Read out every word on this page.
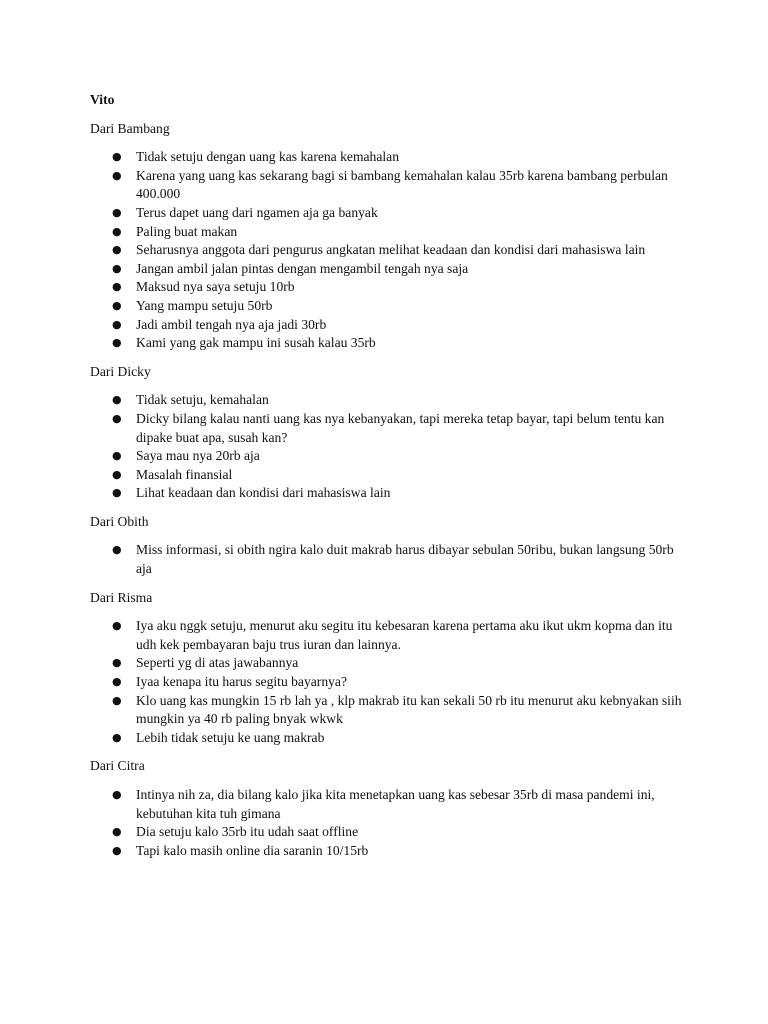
Vito
Dari Bambang
● Tidak setuju dengan uang kas karena kemahalan
● Karena yang uang kas sekarang bagi si bambang kemahalan kalau 35rb karena bambang perbulan 400.000
● Terus dapet uang dari ngamen aja ga banyak
● Paling buat makan
● Seharusnya anggota dari pengurus angkatan melihat keadaan dan kondisi dari mahasiswa lain
● Jangan ambil jalan pintas dengan mengambil tengah nya saja
● Maksud nya saya setuju 10rb
● Yang mampu setuju 50rb
● Jadi ambil tengah nya aja jadi 30rb
● Kami yang gak mampu ini susah kalau 35rb
Dari Dicky
● Tidak setuju, kemahalan
● Dicky bilang kalau nanti uang kas nya kebanyakan, tapi mereka tetap bayar, tapi belum tentu kan dipake buat apa, susah kan?
● Saya mau nya 20rb aja
● Masalah finansial
● Lihat keadaan dan kondisi dari mahasiswa lain
Dari Obith
● Miss informasi, si obith ngira kalo duit makrab harus dibayar sebulan 50ribu, bukan langsung 50rb aja
Dari Risma
● Iya aku nggk setuju, menurut aku segitu itu kebesaran karena pertama aku ikut ukm kopma dan itu udh kek pembayaran baju trus iuran dan lainnya.
● Seperti yg di atas jawabannya
● Iyaa kenapa itu harus segitu bayarnya?
● Klo uang kas mungkin 15 rb lah ya , klp makrab itu kan sekali 50 rb itu menurut aku kebnyakan siih mungkin ya 40 rb paling bnyak wkwk
● Lebih tidak setuju ke uang makrab
Dari Citra
● Intinya nih za, dia bilang kalo jika kita menetapkan uang kas sebesar 35rb di masa pandemi ini, kebutuhan kita tuh gimana
● Dia setuju kalo 35rb itu udah saat offline
● Tapi kalo masih online dia saranin 10/15rb
